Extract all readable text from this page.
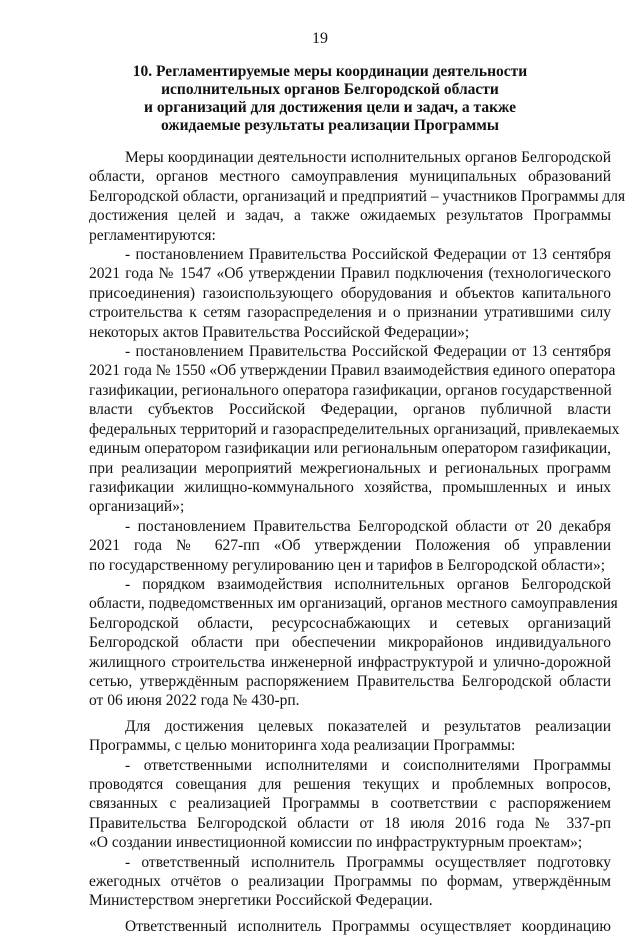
19
10. Регламентируемые меры координации деятельности
исполнительных органов Белгородской области
и организаций для достижения цели и задач, а также
ожидаемые результаты реализации Программы
Меры координации деятельности исполнительных органов Белгородской
области, органов местного самоуправления муниципальных образований
Белгородской области, организаций и предприятий – участников Программы для
достижения целей и задач, а также ожидаемых результатов Программы
регламентируются:
- постановлением Правительства Российской Федерации от 13 сентября
2021 года № 1547 «Об утверждении Правил подключения (технологического
присоединения) газоиспользующего оборудования и объектов капитального
строительства к сетям газораспределения и о признании утратившими силу
некоторых актов Правительства Российской Федерации»;
- постановлением Правительства Российской Федерации от 13 сентября
2021 года № 1550 «Об утверждении Правил взаимодействия единого оператора
газификации, регионального оператора газификации, органов государственной
власти субъектов Российской Федерации, органов публичной власти
федеральных территорий и газораспределительных организаций, привлекаемых
единым оператором газификации или региональным оператором газификации,
при реализации мероприятий межрегиональных и региональных программ
газификации жилищно-коммунального хозяйства, промышленных и иных
организаций»;
- постановлением Правительства Белгородской области от 20 декабря
2021 года № 627-пп «Об утверждении Положения об управлении
по государственному регулированию цен и тарифов в Белгородской области»;
- порядком взаимодействия исполнительных органов Белгородской
области, подведомственных им организаций, органов местного самоуправления
Белгородской области, ресурсоснабжающих и сетевых организаций
Белгородской области при обеспечении микрорайонов индивидуального
жилищного строительства инженерной инфраструктурой и улично-дорожной
сетью, утверждённым распоряжением Правительства Белгородской области
от 06 июня 2022 года № 430-рп.
Для достижения целевых показателей и результатов реализации
Программы, с целью мониторинга хода реализации Программы:
- ответственными исполнителями и соисполнителями Программы
проводятся совещания для решения текущих и проблемных вопросов,
связанных с реализацией Программы в соответствии с распоряжением
Правительства Белгородской области от 18 июля 2016 года № 337-рп
«О создании инвестиционной комиссии по инфраструктурным проектам»;
- ответственный исполнитель Программы осуществляет подготовку
ежегодных отчётов о реализации Программы по формам, утверждённым
Министерством энергетики Российской Федерации.
Ответственный исполнитель Программы осуществляет координацию
